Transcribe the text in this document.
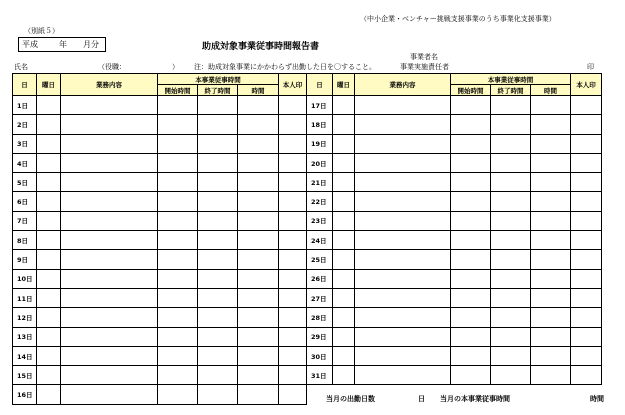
（中小企業・ベンチャー挑戦支援事業のうち事業化支援事業）
（別紙５）
平成	年 月分	助成対象事業従事時間報告書
事業者名
氏名	（役職：	） 注：助成対象事業にかかわらず出勤した日を〇すること。	事業実施責任者	印
日	曜日	業務内容	本事業従事時間			本人印
			開始時間	終了時間	時間	
1日						
2日						
3日						
4日						
5日						
6日						
7日						
8日						
9日						
10日						
11日						
12日						
13日						
14日						
15日						
16日						
日	曜日	業務内容	本事業従事時間			本人印
			開始時間	終了時間	時間	
17日						
18日						
19日						
20日						
21日						
22日						
23日						
24日						
25日						
26日						
27日						
28日						
29日						
30日						
31日						
当月の出勤日数	日 当月の本事業従事時間	時間
